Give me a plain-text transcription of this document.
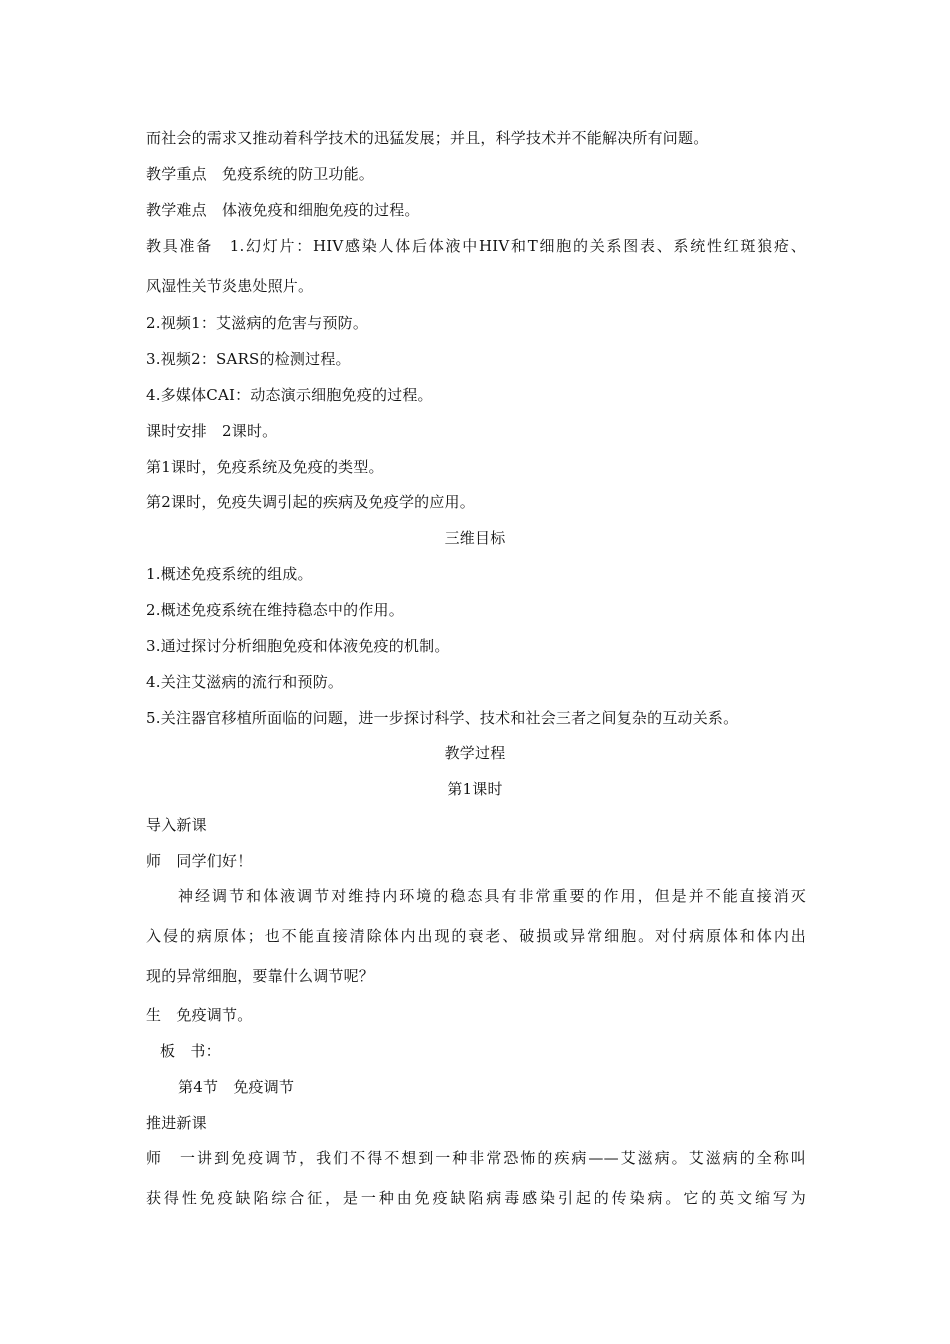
而社会的需求又推动着科学技术的迅猛发展；并且，科学技术并不能解决所有问题。
教学重点　免疫系统的防卫功能。
教学难点　体液免疫和细胞免疫的过程。
教具准备　1.幻灯片：HIV感染人体后体液中HIV和T细胞的关系图表、系统性红斑狼疮、
风湿性关节炎患处照片。
2.视频1：艾滋病的危害与预防。
3.视频2：SARS的检测过程。
4.多媒体CAI：动态演示细胞免疫的过程。
课时安排　2课时。
第1课时，免疫系统及免疫的类型。
第2课时，免疫失调引起的疾病及免疫学的应用。
三维目标
1.概述免疫系统的组成。
2.概述免疫系统在维持稳态中的作用。
3.通过探讨分析细胞免疫和体液免疫的机制。
4.关注艾滋病的流行和预防。
5.关注器官移植所面临的问题，进一步探讨科学、技术和社会三者之间复杂的互动关系。
教学过程
第1课时
导入新课
师　同学们好！
神经调节和体液调节对维持内环境的稳态具有非常重要的作用，但是并不能直接消灭
入侵的病原体；也不能直接清除体内出现的衰老、破损或异常细胞。对付病原体和体内出
现的异常细胞，要靠什么调节呢？
生　免疫调节。
板　书：
第4节　免疫调节
推进新课
师　一讲到免疫调节，我们不得不想到一种非常恐怖的疾病——艾滋病。艾滋病的全称叫
获得性免疫缺陷综合征，是一种由免疫缺陷病毒感染引起的传染病。它的英文缩写为
